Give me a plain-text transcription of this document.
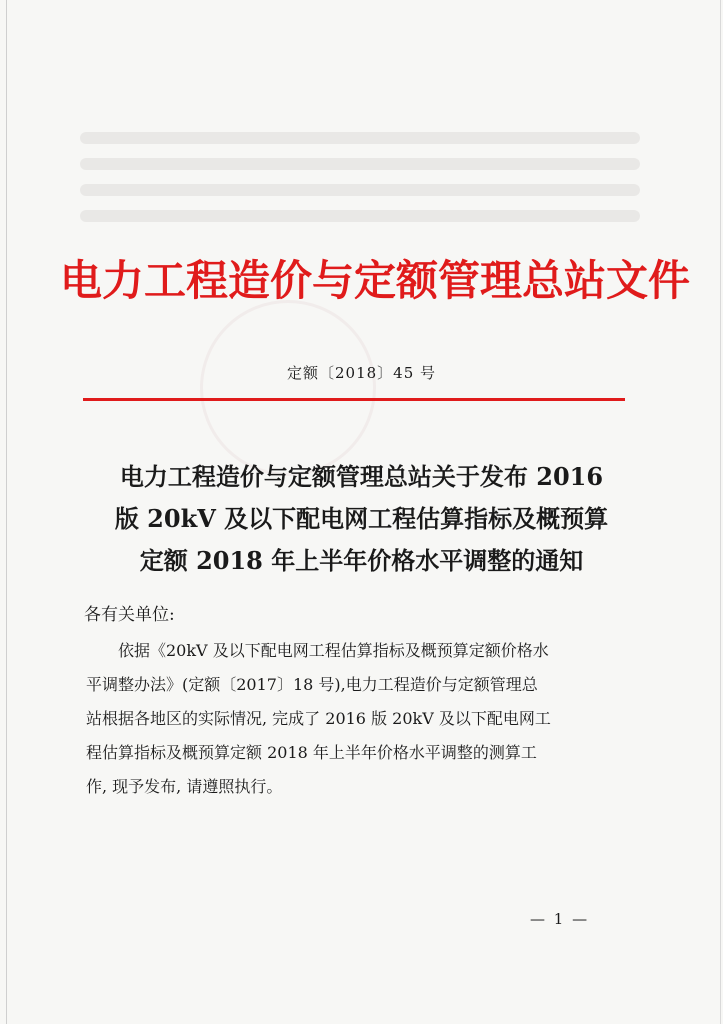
电力工程造价与定额管理总站文件
定额〔2018〕45 号
电力工程造价与定额管理总站关于发布 2016
版 20kV 及以下配电网工程估算指标及概预算
定额 2018 年上半年价格水平调整的通知
各有关单位:
　　依据《20kV 及以下配电网工程估算指标及概预算定额价格水
平调整办法》(定额〔2017〕18 号),电力工程造价与定额管理总
站根据各地区的实际情况, 完成了 2016 版 20kV 及以下配电网工
程估算指标及概预算定额 2018 年上半年价格水平调整的测算工
作, 现予发布, 请遵照执行。
— 1 —
